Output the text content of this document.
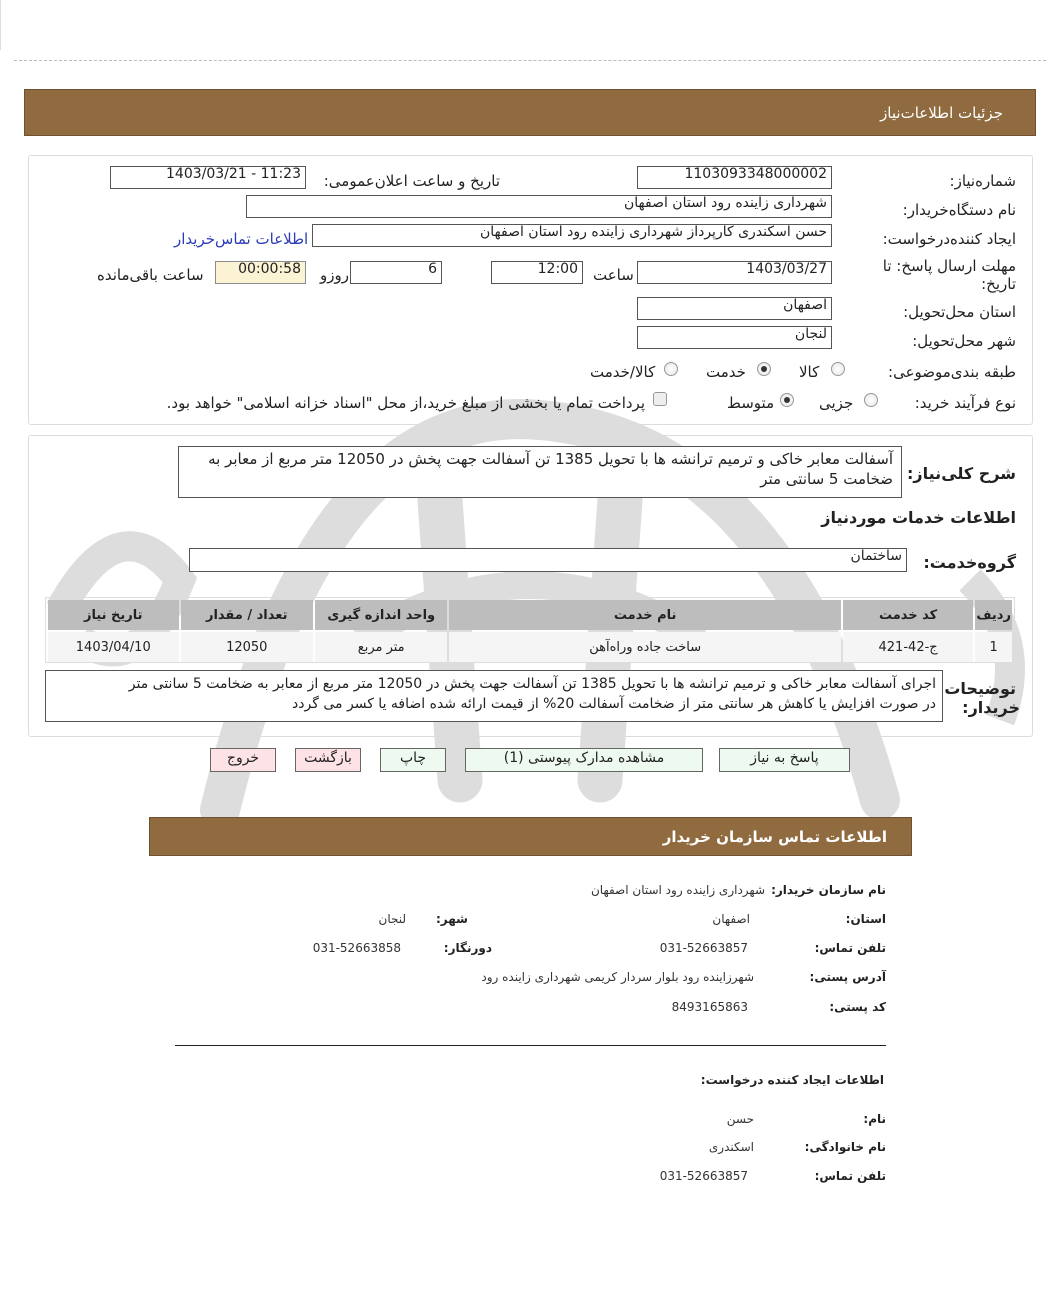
جزئیات اطلاعات‌نیاز
شماره‌نیاز:
1103093348000002
تاریخ و ساعت اعلان‌عمومی:
1403/03/21 - 11:23
نام دستگاه‌خریدار:
شهرداری زاینده رود استان اصفهان
ایجاد کننده‌درخواست:
حسن اسکندری کارپرداز شهرداری زاینده رود استان اصفهان
اطلاعات تماس‌خریدار
مهلت ارسال پاسخ: تا
تاریخ:
1403/03/27
ساعت
12:00
6
روزو
00:00:58
ساعت باقی‌مانده
استان محل‌تحویل:
اصفهان
شهر محل‌تحویل:
لنجان
طبقه بندی‌موضوعی:
کالا
خدمت
کالا/خدمت
نوع فرآیند خرید:
جزیی
متوسط
پرداخت تمام یا بخشی از مبلغ خرید،از محل "اسناد خزانه اسلامی" خواهد بود.
شرح کلی‌نیاز:
آسفالت معابر خاکی و ترمیم ترانشه ها با تحویل 1385 تن آسفالت جهت پخش در 12050 متر مربع از معابر به
ضخامت 5 سانتی متر
اطلاعات خدمات موردنیاز
گروه‌خدمت:
ساختمان
ردیف	کد خدمت	نام خدمت	واحد اندازه گیری	تعداد / مقدار	تاریخ نیاز
1	ج-42-421	ساخت جاده وراه‌آهن	متر مربع	12050	1403/04/10
توضیحات
خریدار:
اجرای آسفالت معابر خاکی و ترمیم ترانشه ها با تحویل 1385 تن آسفالت جهت پخش در 12050 متر مربع از معابر به ضخامت 5 سانتی متر
در صورت افزایش یا کاهش هر سانتی متر از ضخامت آسفالت 20% از قیمت ارائه شده اضافه یا کسر می گردد
پاسخ به نیاز
مشاهده مدارک پیوستی (1)
چاپ
بازگشت
خروج
اطلاعات تماس سازمان خریدار
نام سازمان خریدار:
شهرداری زاینده رود استان اصفهان
استان:
اصفهان
شهر:
لنجان
تلفن تماس:
031-52663857
دورنگار:
031-52663858
آدرس پستی:
شهرزاینده رود بلوار سردار کریمی شهرداری زاینده رود
کد پستی:
8493165863
اطلاعات ایجاد کننده درخواست:
نام:
حسن
نام خانوادگی:
اسکندری
تلفن تماس:
031-52663857
